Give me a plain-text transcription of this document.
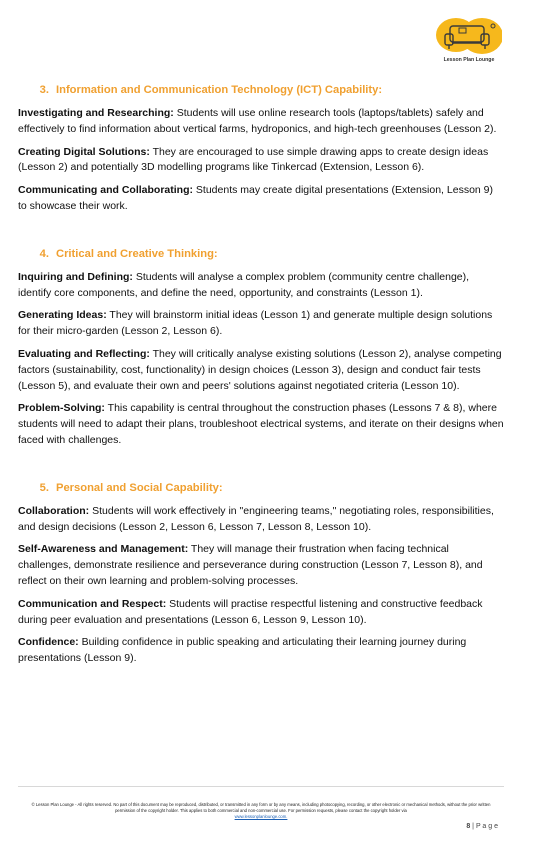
Lesson Plan Lounge
3. Information and Communication Technology (ICT) Capability:

Investigating and Researching: Students will use online research tools (laptops/tablets) safely and effectively to find information about vertical farms, hydroponics, and high-tech greenhouses (Lesson 2).

Creating Digital Solutions: They are encouraged to use simple drawing apps to create design ideas (Lesson 2) and potentially 3D modelling programs like Tinkercad (Extension, Lesson 6).

Communicating and Collaborating: Students may create digital presentations (Extension, Lesson 9) to showcase their work.

4. Critical and Creative Thinking:

Inquiring and Defining: Students will analyse a complex problem (community centre challenge), identify core components, and define the need, opportunity, and constraints (Lesson 1).

Generating Ideas: They will brainstorm initial ideas (Lesson 1) and generate multiple design solutions for their micro-garden (Lesson 2, Lesson 6).

Evaluating and Reflecting: They will critically analyse existing solutions (Lesson 2), analyse competing factors (sustainability, cost, functionality) in design choices (Lesson 3), design and conduct fair tests (Lesson 5), and evaluate their own and peers' solutions against negotiated criteria (Lesson 10).

Problem-Solving: This capability is central throughout the construction phases (Lessons 7 & 8), where students will need to adapt their plans, troubleshoot electrical systems, and iterate on their designs when faced with challenges.

5. Personal and Social Capability:

Collaboration: Students will work effectively in "engineering teams," negotiating roles, responsibilities, and design decisions (Lesson 2, Lesson 6, Lesson 7, Lesson 8, Lesson 10).

Self-Awareness and Management: They will manage their frustration when facing technical challenges, demonstrate resilience and perseverance during construction (Lesson 7, Lesson 8), and reflect on their own learning and problem-solving processes.

Communication and Respect: Students will practise respectful listening and constructive feedback during peer evaluation and presentations (Lesson 6, Lesson 9, Lesson 10).

Confidence: Building confidence in public speaking and articulating their learning journey during presentations (Lesson 9).

© Lesson Plan Lounge - All rights reserved. No part of this document may be reproduced, distributed, or transmitted in any form or by any means, including photocopying, recording, or other electronic or mechanical methods, without the prior written permission of the copyright holder. This applies to both commercial and non-commercial use. For permission requests, please contact the copyright holder via
www.lessonplanlounge.com.
8 | P a g e
